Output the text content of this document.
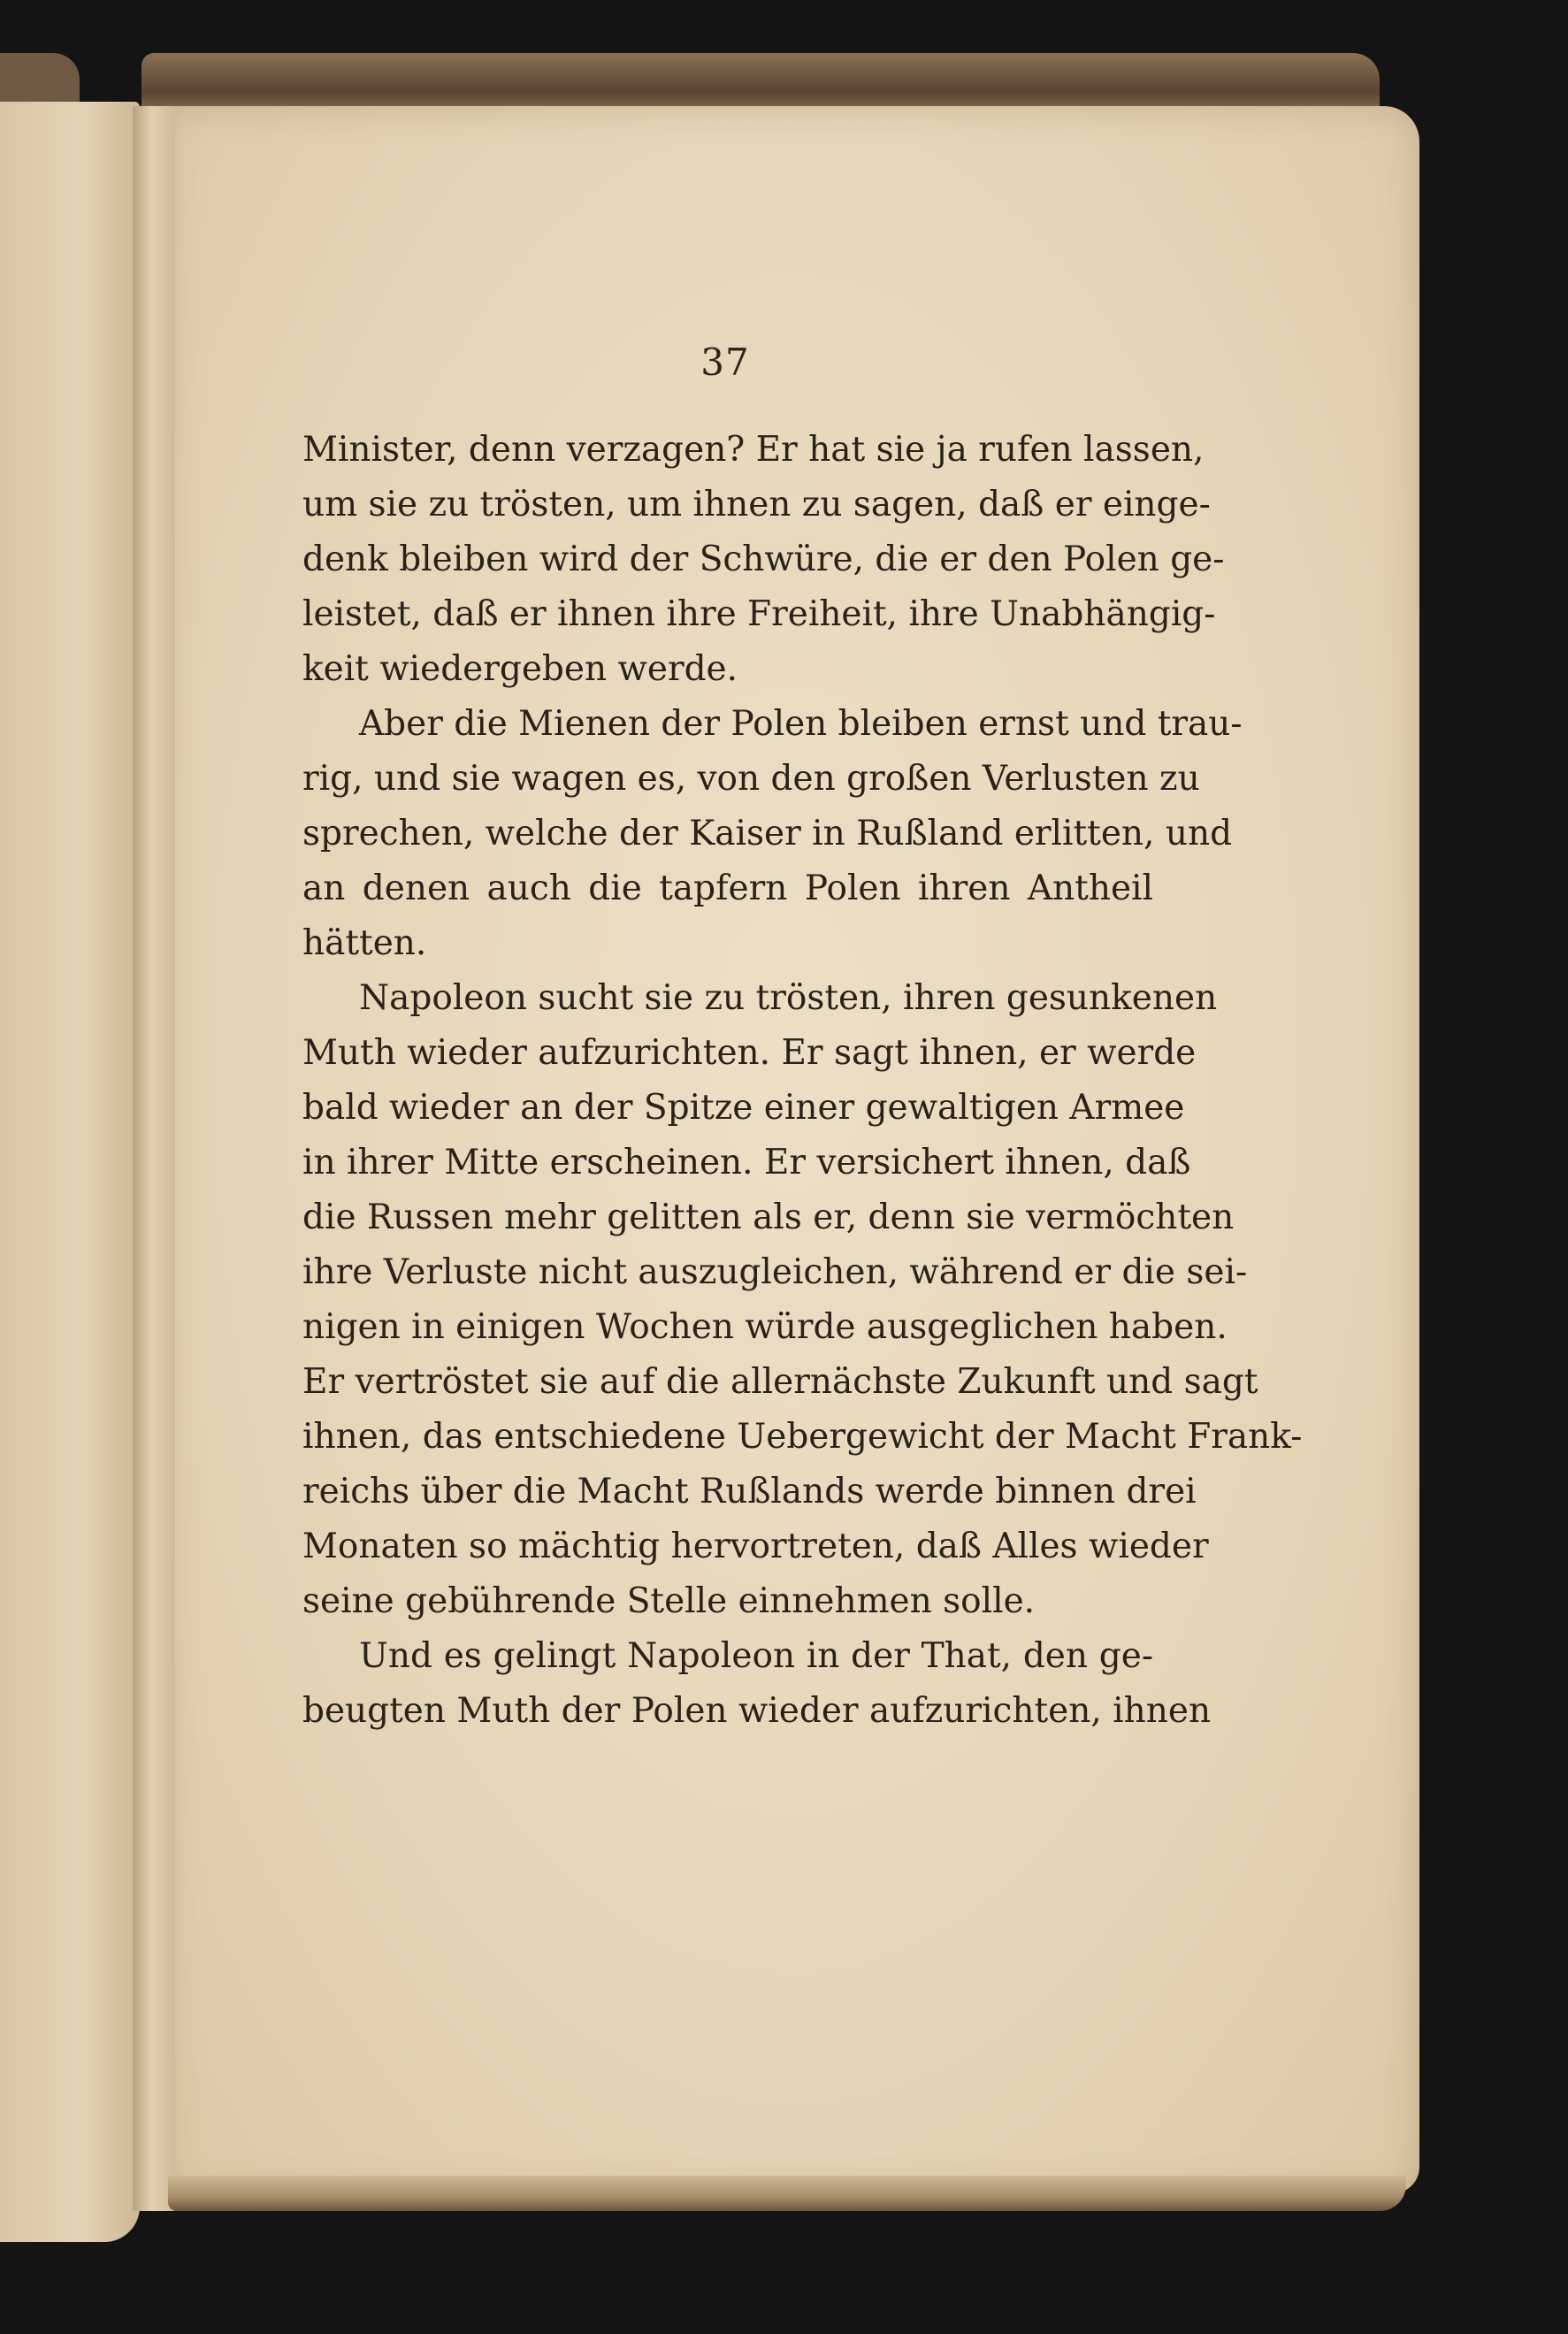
37
Minister, denn verzagen? Er hat sie ja rufen lassen,
um sie zu trösten, um ihnen zu sagen, daß er einge-
denk bleiben wird der Schwüre, die er den Polen ge-
leistet, daß er ihnen ihre Freiheit, ihre Unabhängig-
keit wiedergeben werde.
Aber die Mienen der Polen bleiben ernst und trau-
rig, und sie wagen es, von den großen Verlusten zu
sprechen, welche der Kaiser in Rußland erlitten, und
an denen auch die tapfern Polen ihren Antheil
hätten.
Napoleon sucht sie zu trösten, ihren gesunkenen
Muth wieder aufzurichten. Er sagt ihnen, er werde
bald wieder an der Spitze einer gewaltigen Armee
in ihrer Mitte erscheinen. Er versichert ihnen, daß
die Russen mehr gelitten als er, denn sie vermöchten
ihre Verluste nicht auszugleichen, während er die sei-
nigen in einigen Wochen würde ausgeglichen haben.
Er vertröstet sie auf die allernächste Zukunft und sagt
ihnen, das entschiedene Uebergewicht der Macht Frank-
reichs über die Macht Rußlands werde binnen drei
Monaten so mächtig hervortreten, daß Alles wieder
seine gebührende Stelle einnehmen solle.
Und es gelingt Napoleon in der That, den ge-
beugten Muth der Polen wieder aufzurichten, ihnen
